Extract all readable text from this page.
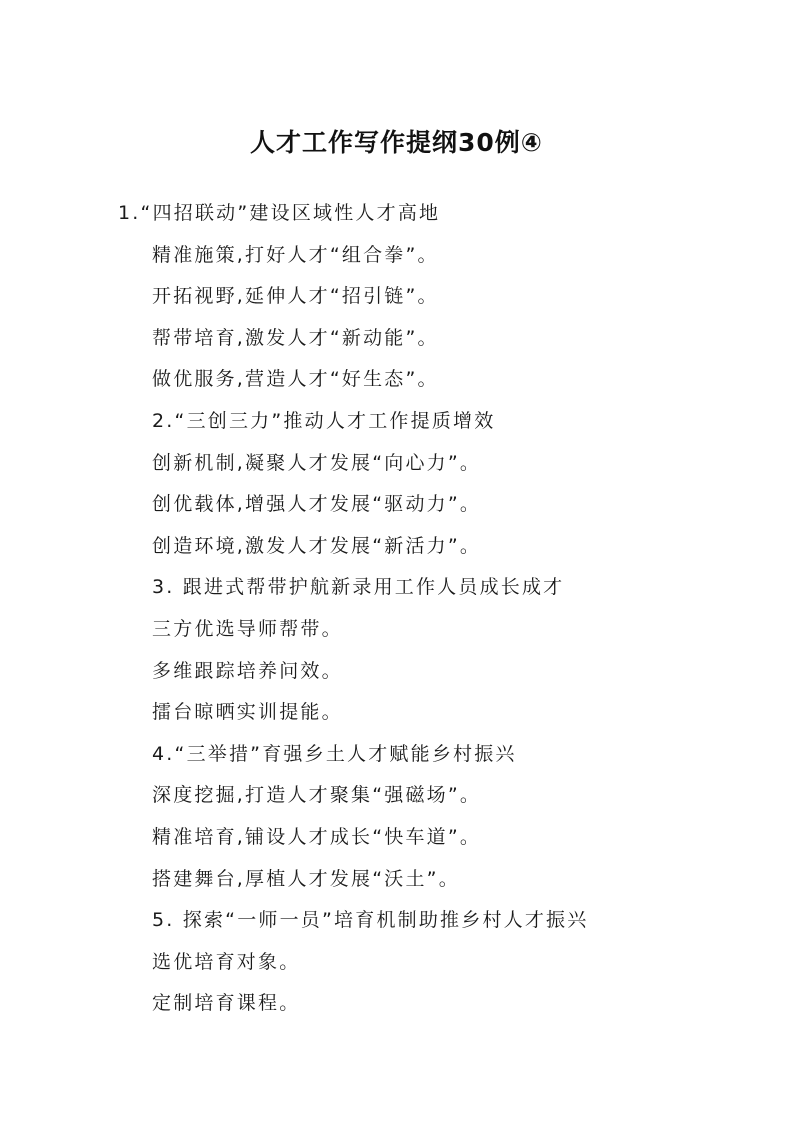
人才工作写作提纲30例④
1.“四招联动”建设区域性人才高地
精准施策,打好人才“组合拳”。
开拓视野,延伸人才“招引链”。
帮带培育,激发人才“新动能”。
做优服务,营造人才“好生态”。
2.“三创三力”推动人才工作提质增效
创新机制,凝聚人才发展“向心力”。
创优载体,增强人才发展“驱动力”。
创造环境,激发人才发展“新活力”。
3. 跟进式帮带护航新录用工作人员成长成才
三方优选导师帮带。
多维跟踪培养问效。
擂台晾晒实训提能。
4.“三举措”育强乡土人才赋能乡村振兴
深度挖掘,打造人才聚集“强磁场”。
精准培育,铺设人才成长“快车道”。
搭建舞台,厚植人才发展“沃土”。
5. 探索“一师一员”培育机制助推乡村人才振兴
选优培育对象。
定制培育课程。
